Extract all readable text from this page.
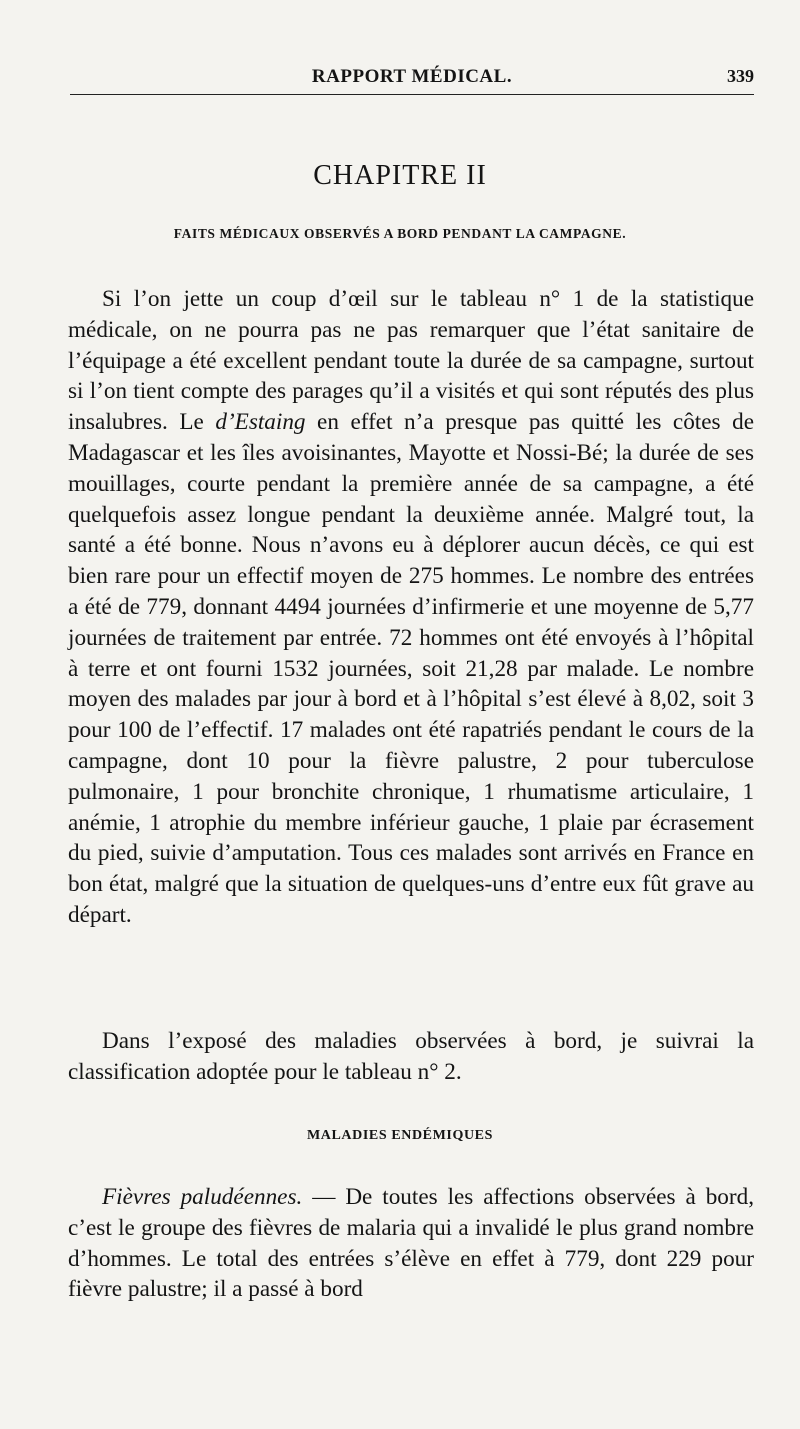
RAPPORT MÉDICAL.	339
CHAPITRE II
FAITS MÉDICAUX OBSERVÉS A BORD PENDANT LA CAMPAGNE.

Si l’on jette un coup d’œil sur le tableau n° 1 de la statistique médicale, on ne pourra pas ne pas remarquer que l’état sanitaire de l’équipage a été excellent pendant toute la durée de sa campagne, surtout si l’on tient compte des parages qu’il a visités et qui sont réputés des plus insalubres. Le d’Estaing en effet n’a presque pas quitté les côtes de Madagascar et les îles avoisinantes, Mayotte et Nossi-Bé; la durée de ses mouillages, courte pendant la première année de sa campagne, a été quelquefois assez longue pendant la deuxième année. Malgré tout, la santé a été bonne. Nous n’avons eu à déplorer aucun décès, ce qui est bien rare pour un effectif moyen de 275 hommes. Le nombre des entrées a été de 779, donnant 4494 journées d’infirmerie et une moyenne de 5,77 journées de traitement par entrée. 72 hommes ont été envoyés à l’hôpital à terre et ont fourni 1532 journées, soit 21,28 par malade. Le nombre moyen des malades par jour à bord et à l’hôpital s’est élevé à 8,02, soit 3 pour 100 de l’effectif. 17 malades ont été rapatriés pendant le cours de la campagne, dont 10 pour la fièvre palustre, 2 pour tuberculose pulmonaire, 1 pour bronchite chronique, 1 rhumatisme articulaire, 1 anémie, 1 atrophie du membre inférieur gauche, 1 plaie par écrasement du pied, suivie d’amputation. Tous ces malades sont arrivés en France en bon état, malgré que la situation de quelques-uns d’entre eux fût grave au départ.

Dans l’exposé des maladies observées à bord, je suivrai la classification adoptée pour le tableau n° 2.

MALADIES ENDÉMIQUES

Fièvres paludéennes. — De toutes les affections observées à bord, c’est le groupe des fièvres de malaria qui a invalidé le plus grand nombre d’hommes. Le total des entrées s’élève en effet à 779, dont 229 pour fièvre palustre; il a passé à bord
